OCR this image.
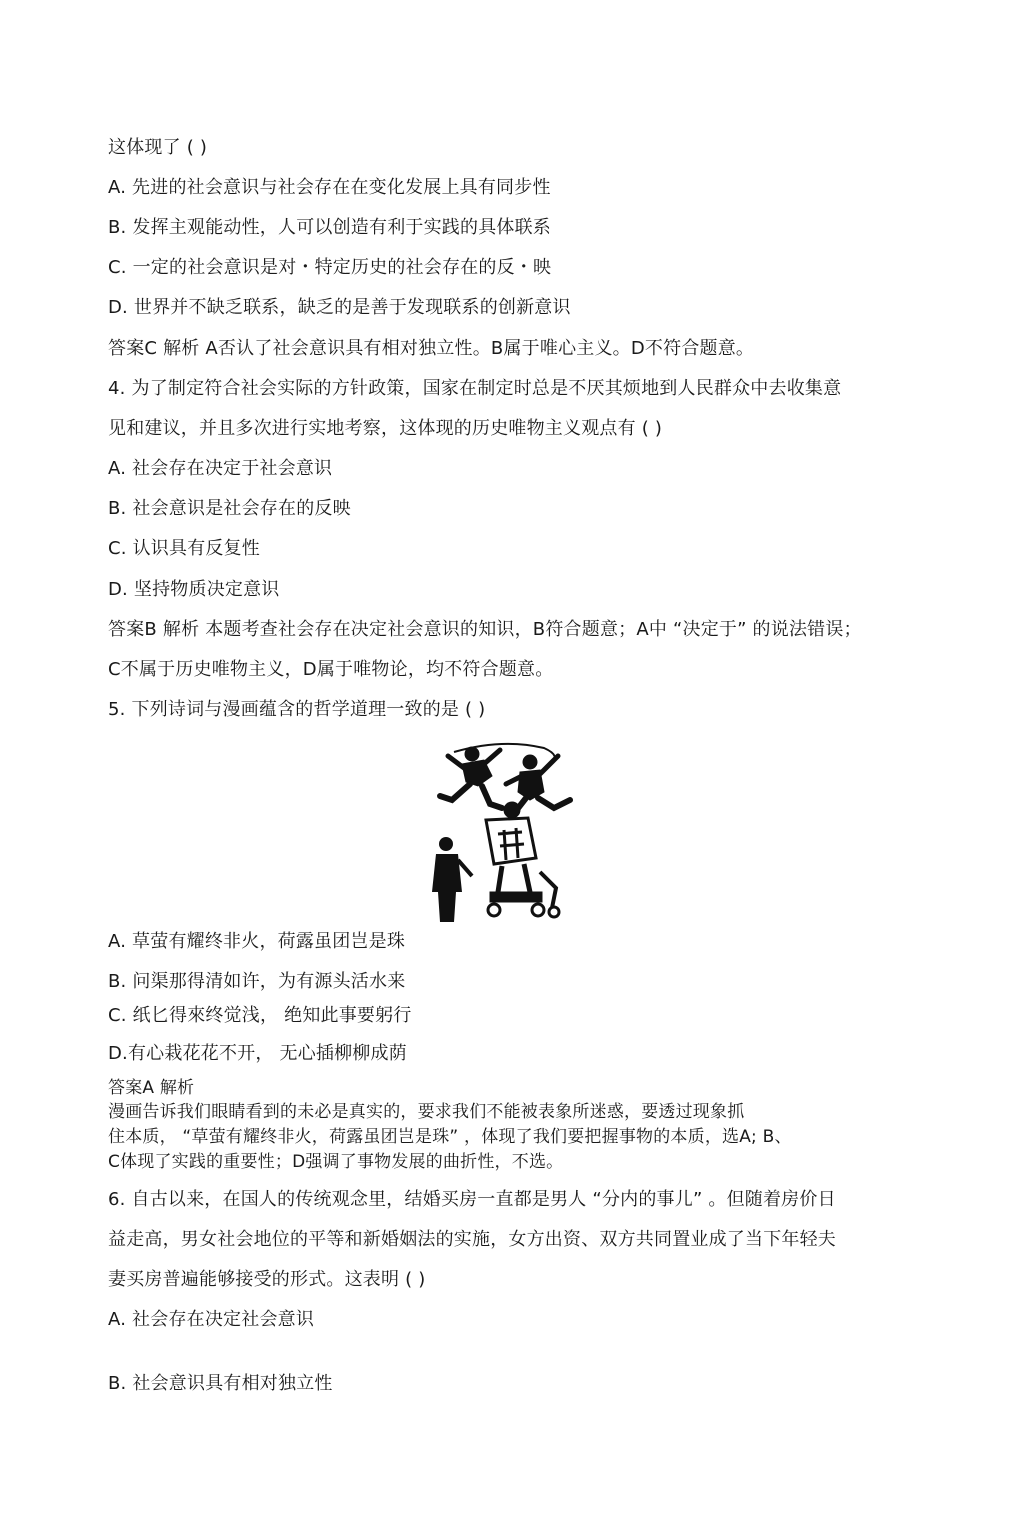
这体现了 ( )
A. 先进的社会意识与社会存在在变化发展上具有同步性
B. 发挥主观能动性，人可以创造有利于实践的具体联系
C. 一定的社会意识是对・特定历史的社会存在的反・映
D. 世界并不缺乏联系，缺乏的是善于发现联系的创新意识
答案C 解析 A否认了社会意识具有相对独立性。B属于唯心主义。D不符合题意。
4. 为了制定符合社会实际的方针政策，国家在制定时总是不厌其烦地到人民群众中去收集意
见和建议，并且多次进行实地考察，这体现的历史唯物主义观点有 ( )
A. 社会存在决定于社会意识
B. 社会意识是社会存在的反映
C. 认识具有反复性
D. 坚持物质决定意识
答案B 解析 本题考查社会存在决定社会意识的知识，B符合题意；A中 “决定于” 的说法错误；
C不属于历史唯物主义，D属于唯物论，均不符合题意。
5. 下列诗词与漫画蕴含的哲学道理一致的是 ( )
A. 草萤有耀终非火，荷露虽团岂是珠
B. 问渠那得清如许，为有源头活水来
C. 纸匕得來终觉浅， 绝知此事要躬行
D.有心栽花花不开， 无心插柳柳成荫
答案A 解析
漫画告诉我们眼睛看到的未必是真实的，要求我们不能被表象所迷惑，要透过现象抓
住本质， “草萤有耀终非火，荷露虽团岂是珠” ，体现了我们要把握事物的本质，选A; B、
C体现了实践的重要性；D强调了事物发展的曲折性，不选。
6. 自古以来，在国人的传统观念里，结婚买房一直都是男人 “分内的事儿” 。但随着房价日
益走高，男女社会地位的平等和新婚姻法的实施，女方出资、双方共同置业成了当下年轻夫
妻买房普遍能够接受的形式。这表明 ( )
A. 社会存在决定社会意识
B. 社会意识具有相对独立性
